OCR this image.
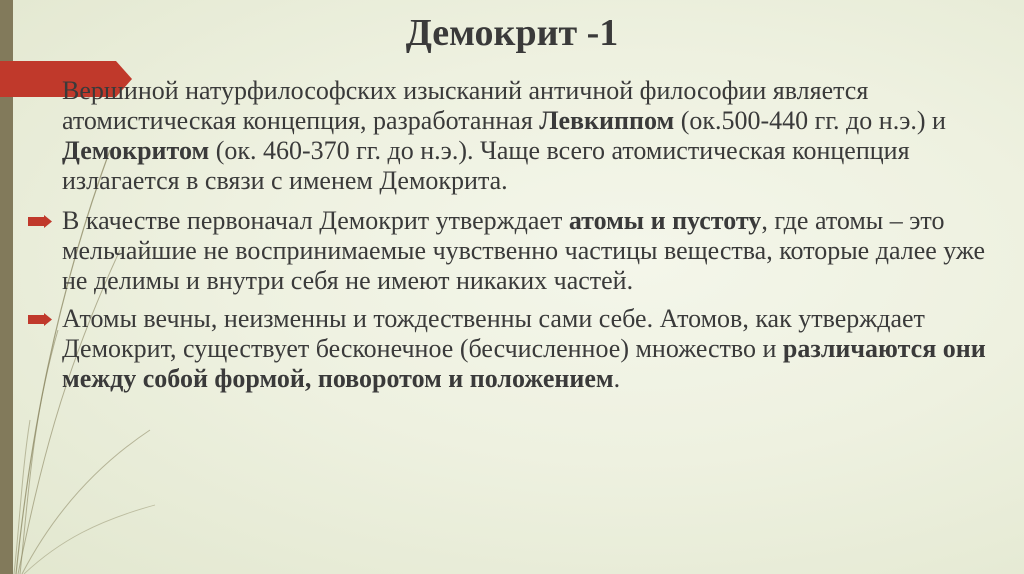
Демокрит -1

Вершиной натурфилософских изысканий античной философии является атомистическая концепция, разработанная Левкиппом (ок.500-440 гг. до н.э.) и Демокритом (ок. 460-370 гг. до н.э.). Чаще всего атомистическая концепция излагается в связи с именем Демокрита.

В качестве первоначал Демокрит утверждает атомы и пустоту, где атомы – это мельчайшие не воспринимаемые чувственно частицы вещества, которые далее уже не делимы и внутри себя не имеют никаких частей.

Атомы вечны, неизменны и тождественны сами себе. Атомов, как утверждает Демокрит, существует бесконечное (бесчисленное) множество и различаются они между собой формой, поворотом и положением.
